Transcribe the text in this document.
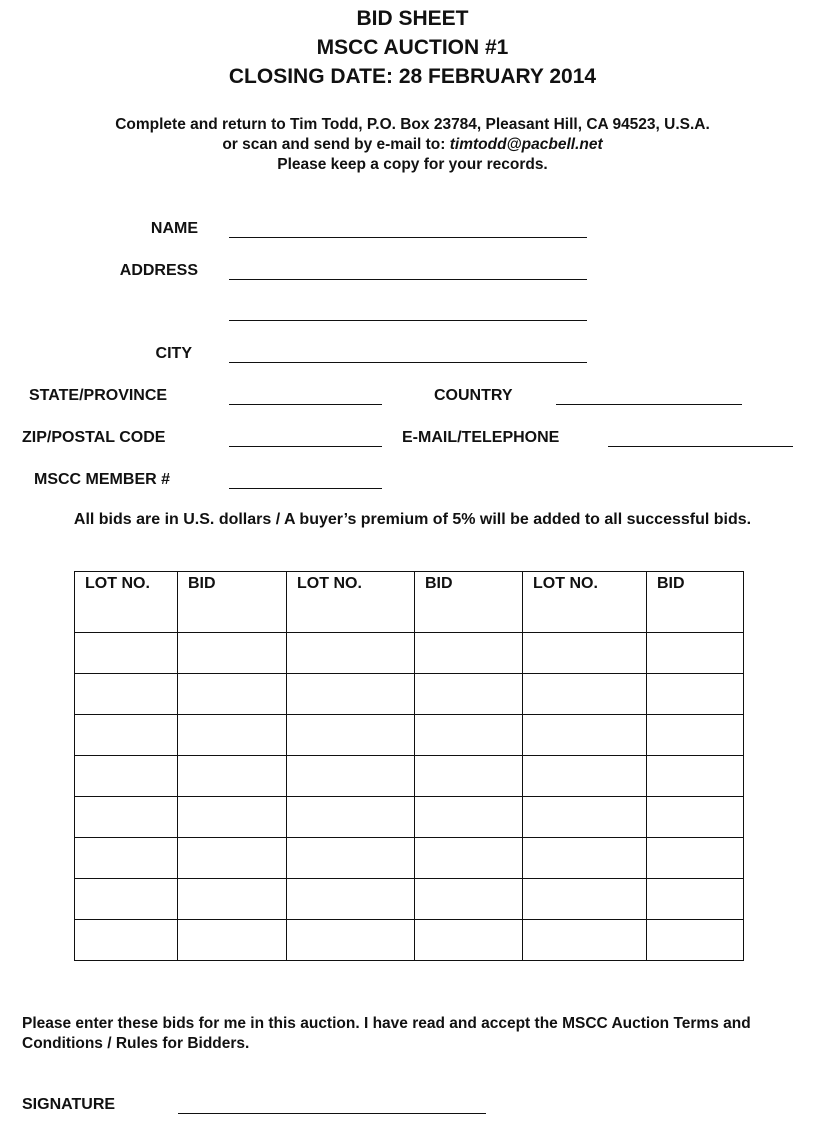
BID SHEET
MSCC AUCTION #1
CLOSING DATE: 28 FEBRUARY 2014
Complete and return to Tim Todd, P.O. Box 23784, Pleasant Hill, CA 94523, U.S.A.
or scan and send by e-mail to: timtodd@pacbell.net
Please keep a copy for your records.
NAME
ADDRESS
CITY
STATE/PROVINCE	COUNTRY
ZIP/POSTAL CODE	E-MAIL/TELEPHONE
MSCC MEMBER #
All bids are in U.S. dollars / A buyer’s premium of 5% will be added to all successful bids.
LOT NO.	BID	LOT NO.	BID	LOT NO.	BID

Please enter these bids for me in this auction. I have read and accept the MSCC Auction Terms and Conditions / Rules for Bidders.
SIGNATURE
